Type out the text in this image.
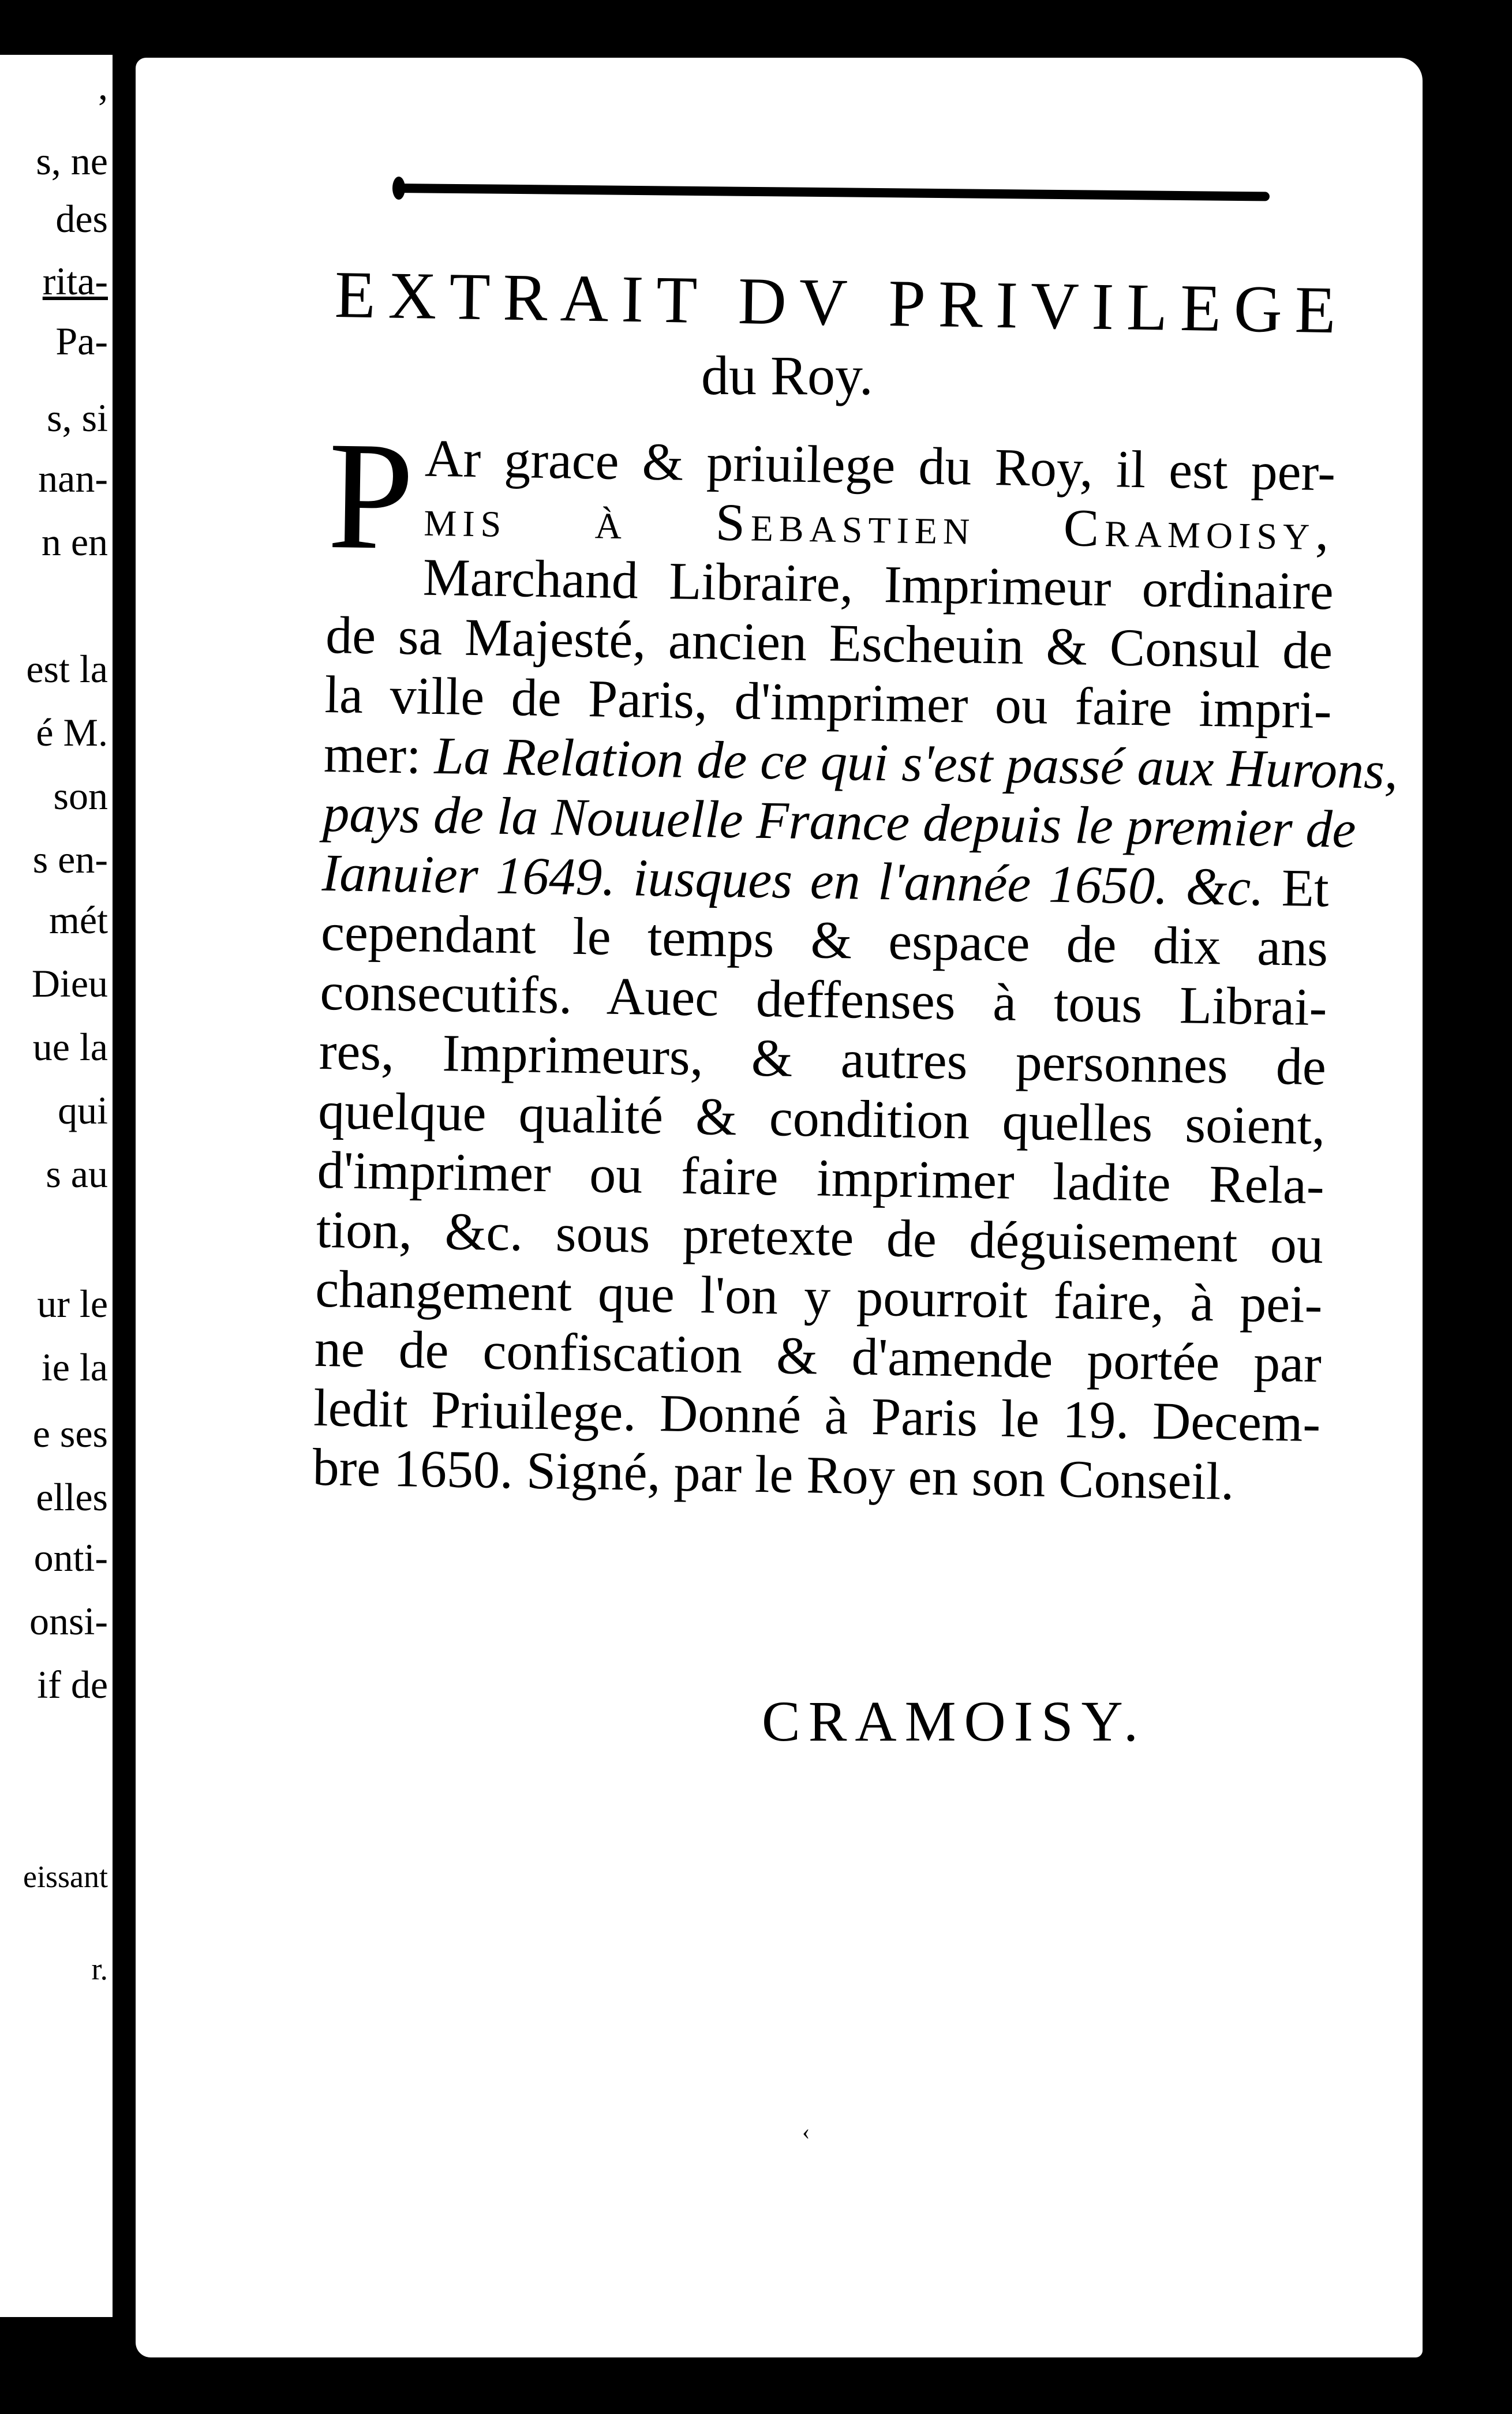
,
s, ne
des
rita-
Pa-
s, si
nan-
n en
est la
é M.
son
s en-
mét
Dieu
ue la
qui
s au
ur le
ie la
e ses
elles
onti-
onsi-
if de
eissant
r.
EXTRAIT DV PRIVILEGE
du Roy.
P Ar grace & priuilege du Roy, il est per-
mis à Sebastien Cramoisy,
Marchand Libraire, Imprimeur ordinaire
de sa Majesté, ancien Escheuin & Consul de
la ville de Paris, d'imprimer ou faire impri-
mer: La Relation de ce qui s'est passé aux Hurons,
pays de la Nouuelle France depuis le premier de
Ianuier 1649. iusques en l'année 1650. &c. Et
cependant le temps & espace de dix ans
consecutifs. Auec deffenses à tous Librai-
res, Imprimeurs, & autres personnes de
quelque qualité & condition quelles soient,
d'imprimer ou faire imprimer ladite Rela-
tion, &c. sous pretexte de déguisement ou
changement que l'on y pourroit faire, à pei-
ne de confiscation & d'amende portée par
ledit Priuilege. Donné à Paris le 19. Decem-
bre 1650. Signé, par le Roy en son Conseil.
CRAMOISY.
‹
